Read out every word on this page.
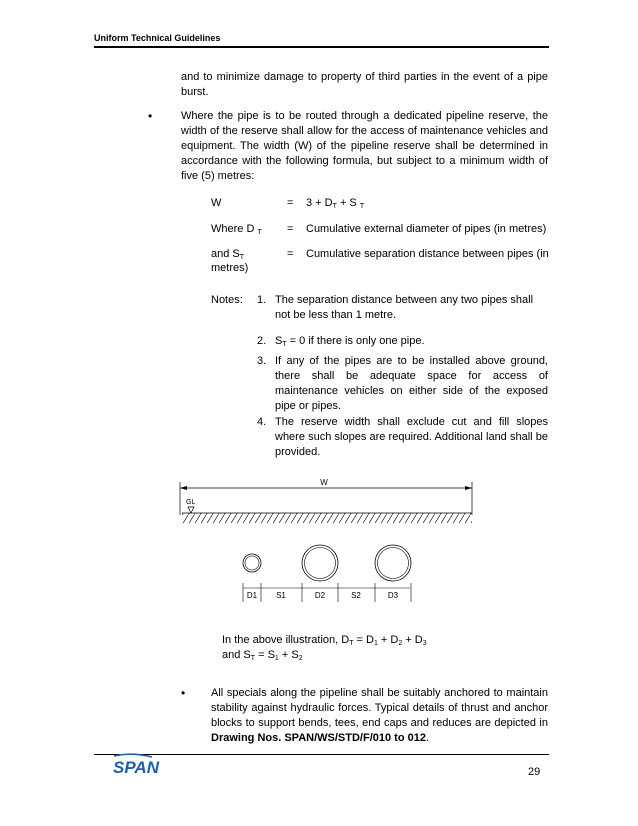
Uniform Technical Guidelines
and to minimize damage to property of third parties in the event of a pipe burst.
•	Where the pipe is to be routed through a dedicated pipeline reserve, the width of the reserve shall allow for the access of maintenance vehicles and equipment. The width (W) of the pipeline reserve shall be determined in accordance with the following formula, but subject to a minimum width of five (5) metres:
W	= $3 + D_T + S$ $_T$
Where D $_T$ = Cumulative external diameter of pipes (in metres)
and $S_T$	= Cumulative separation distance between pipes (in
metres)
Notes: 1. The separation distance between any two pipes shall not be less than 1 metre.
2. $S_T = 0$ if there is only one pipe.
3. If any of the pipes are to be installed above ground, there shall be adequate space for access of maintenance vehicles on either side of the exposed pipe or pipes.
4. The reserve width shall exclude cut and fill slopes where such slopes are required. Additional land shall be provided.
W
GL
D1 S1	D2	S2	D3
In the above illustration, $D_T = D_1 + D_2 + D_3$
and $S_T = S_1 + S_2$
• All specials along the pipeline shall be suitably anchored to maintain stability against hydraulic forces. Typical details of thrust and anchor blocks to support bends, tees, end caps and reduces are depicted in Drawing Nos. SPAN/WS/STD/F/010 to 012.
SPAN	29
